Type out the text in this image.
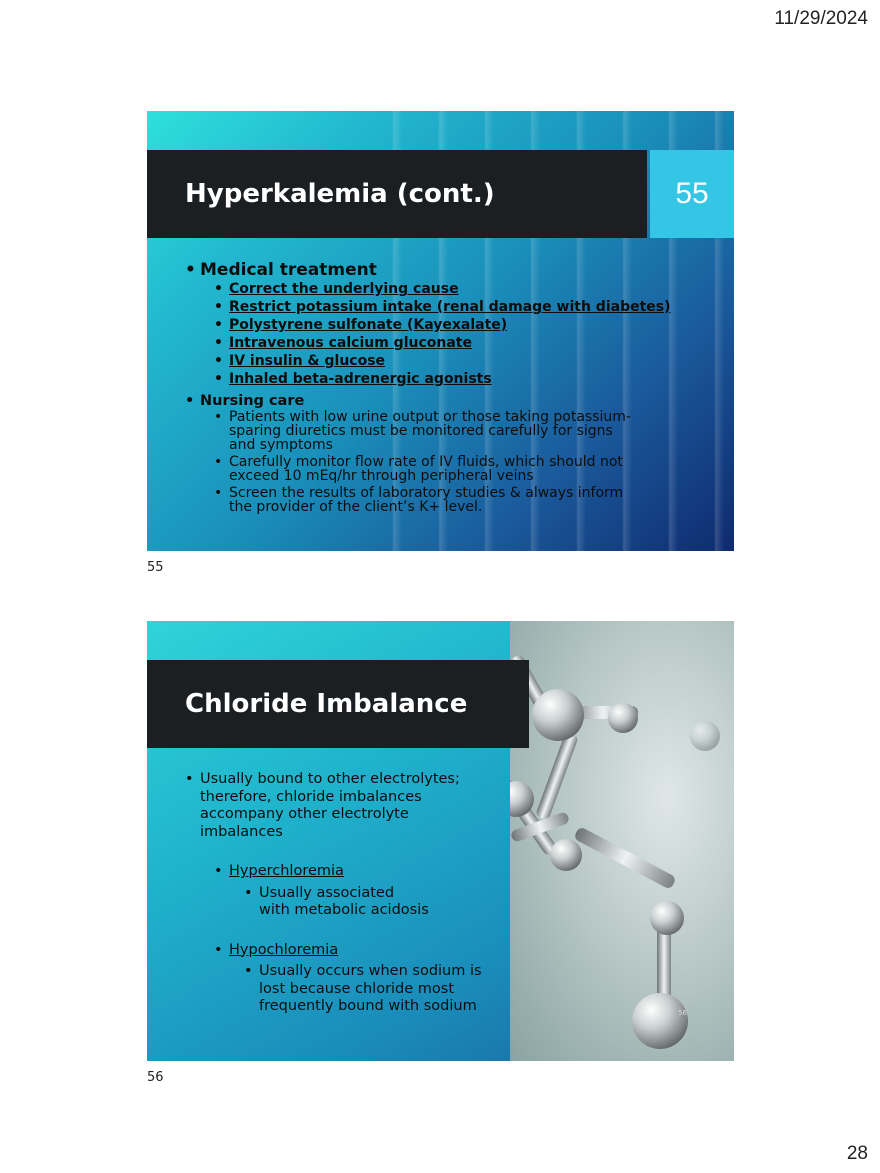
11/29/2024
Hyperkalemia (cont.)	55
• Medical treatment
• Correct the underlying cause
• Restrict potassium intake (renal damage with diabetes)
• Polystyrene sulfonate (Kayexalate)
• Intravenous calcium gluconate
• IV insulin & glucose
• Inhaled beta-adrenergic agonists
• Nursing care
• Patients with low urine output or those taking potassium-sparing diuretics must be monitored carefully for signs and symptoms
• Carefully monitor flow rate of IV fluids, which should not exceed 10 mEq/hr through peripheral veins
• Screen the results of laboratory studies & always inform the provider of the client’s K+ level.
55
56
Chloride Imbalance
• Usually bound to other electrolytes; therefore, chloride imbalances accompany other electrolyte imbalances
• Hyperchloremia
• Usually associated with metabolic acidosis
• Hypochloremia
• Usually occurs when sodium is lost because chloride most frequently bound with sodium
56
28
